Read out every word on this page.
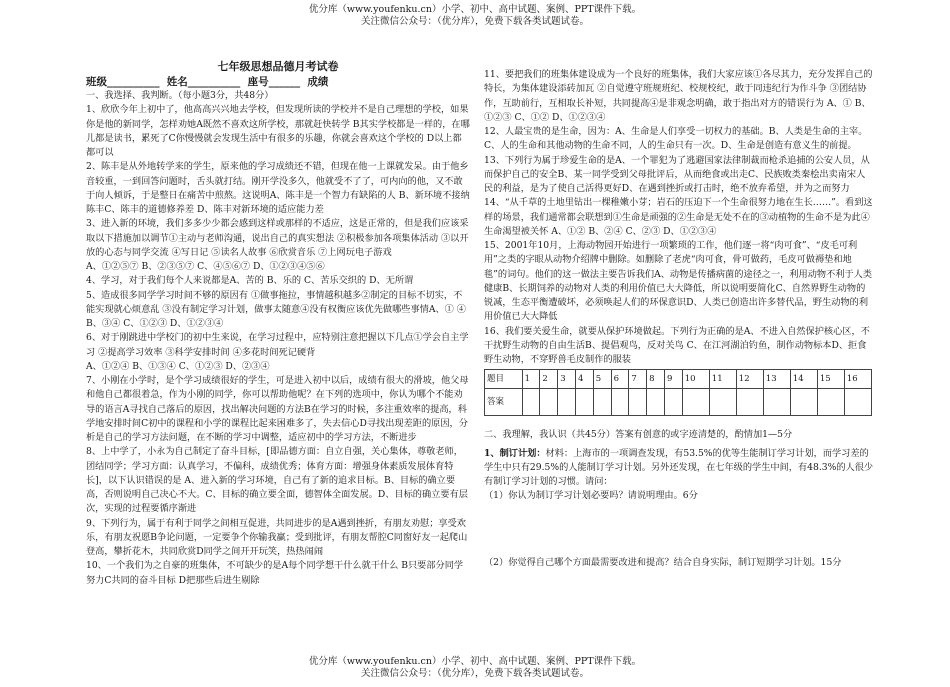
优分库（www.youfenku.cn）小学、初中、高中试题、案例、PPT课件下载。
关注微信公众号：（优分库），免费下载各类试题试卷。

七年级思想品德月考试卷

班级__________  姓名__________  座号______  成绩

一、我选择、我判断。（每小题3分，共48分）

1、欣欣今年上初中了，他高高兴兴地去学校，但发现所读的学校并不是自己理想的学校，如果你是他的新同学，怎样劝她A既然不喜欢这所学校，那就赶快转学 B其实学校都是一样的，在哪儿都是读书，累死了C你慢慢就会发现生活中有很多的乐趣，你就会喜欢这个学校的 D以上都都可以

2、陈丰是从外地转学来的学生，原来他的学习成绩还不错，但现在他一上课就发呆。由于他乡音较重，一到回答问题时，舌头就打结。刚开学没多久，他就受不了了，可内向的他，又不敢于向人倾诉，于是整日在痛苦中煎熬。这说明A、陈丰是一个智力有缺陷的人 B、新环境不接纳陈丰C、陈丰的道德修养差 D、陈丰对新环境的适应能力差

3、进入新的环境，我们多多少少都会感到这样或那样的不适应，这是正常的，但是我们应该采取以下措施加以调节①主动与老师沟通，说出自己的真实想法 ②积极参加各项集体活动 ③以开放的心态与同学交流 ④写日记 ⑤读名人故事 ⑥欣赏音乐 ⑦上网玩电子游戏

A、①②⑤⑦ B、②③⑤⑦ C、④⑤⑥⑦ D、①②③④⑤⑥

4、学习，对于我们每个人来说都是A、苦的 B、乐的 C、苦乐交织的 D、无所谓

5、造成很多同学学习时间不够的原因有 ①做事拖拉，事情越积越多②制定的目标不切实，不能实现就心烦意乱 ③没有制定学习计划，做事太随意④没有权衡应该优先做哪些事情A、① ④ B、③④ C、①②③ D、①②③④

6、对于刚跳进中学校门的初中生来说，在学习过程中，应特别注意把握以下几点①学会自主学习 ②提高学习效率 ③科学安排时间 ④多花时间死记硬背

A、①②④ B、①③④ C、①②③ D、②③④

7、小刚在小学时，是个学习成绩很好的学生，可是进入初中以后，成绩有很大的滑坡，他父母和他自己都很着急，作为小刚的同学，你可以帮助他呢？在下列的选项中，你认为哪个不能劝导的语言A寻找自己落后的原因，找出解决问题的方法B在学习的时候，多注重效率的提高，科学地安排时间C初中的课程和小学的课程比起来困难多了，失去信心D寻找出现差距的原因，分析是自己的学习方法问题，在不断的学习中调整，适应初中的学习方法，不断进步

8、上中学了，小永为自己制定了奋斗目标，[即品德方面：自立自强，关心集体，尊敬老师，团结同学；学习方面：认真学习，不偏科，成绩优秀；体育方面：增强身体素质发展体育特长]，以下认识错误的是 A、进入新的学习环境，自己有了新的追求目标。B、目标的确立要高，否则说明自己决心不大。C、目标的确立要全面，德智体全面发展。D、目标的确立要有层次，实现的过程要循序渐进

9、下列行为，属于有利于同学之间相互促进，共同进步的是A遇到挫折，有朋友劝慰；享受欢乐，有朋友祝愿B争论问题，一定要争个你输我赢；受到批评，有朋友帮腔C同窗好友一起爬山登高，攀折花木，共同欣赏D同学之间开开玩笑，热热闹闹

10、一个我们为之自豪的班集体，不可缺少的是A每个同学想干什么就干什么 B只要部分同学努力C共同的奋斗目标 D把那些后进生剔除

11、要把我们的班集体建设成为一个良好的班集体，我们大家应该①各尽其力，充分发挥自己的特长，为集体建设添砖加瓦 ②自觉遵守班规班纪、校规校纪，敢于同违纪行为作斗争 ③团结协作，互助前行，互相取长补短，共同提高④是非观念明确，敢于指出对方的错误行为 A、① B、①②③ C、①② D、①②③④

12、人最宝贵的是生命，因为：A、生命是人们享受一切权力的基础。B、人类是生命的主宰。C、人的生命和其他动物的生命不同，人的生命只有一次。D、生命是创造有意义生的前提。

13、下列行为属于珍爱生命的是A、一个罪犯为了逃避国家法律制裁而枪杀追捕的公安人员，从而保护自己的安全B、某一同学受到父母批评后，从而绝食或出走C、民族败类秦桧出卖南宋人民的利益，是为了使自己活得更好D、在遇到挫折或打击时，绝不放弃希望，并为之而努力

14、“从千草的土地里钻出一棵稚嫩小芽；岩石的压迫下一个生命很努力地在生长……”。看到这样的场景，我们通常都会联想到①生命是顽强的②生命是无处不在的③动植物的生命不是为此④生命渴望被关怀 A、①② B、②④ C、②③ D、①②③④

15、2001年10月，上海动物园开始进行一项繁琐的工作，他们逐一将“肉可食”、“皮毛可利用”之类的字眼从动物介绍牌中删除。如删除了老虎“肉可食，骨可做药，毛皮可做褥垫和地毯”的词句。他们的这一做法主要告诉我们A、动物是传播病菌的途径之一，利用动物不利于人类健康B、长期饲养的动物对人类的利用价值已大大降低，所以说明要简化C、自然界野生动物的锐减，生态平衡遭破坏，必须唤起人们的环保意识D、人类已创造出许多替代品，野生动物的利用价值已大大降低

16、我们要关爱生命，就要从保护环境做起。下列行为正确的是A、不进入自然保护核心区，不干扰野生动物的自由生活B、提倡观鸟，反对关鸟 C、在江河湖泊钓鱼，制作动物标本D、拒食野生动物，不穿野兽毛皮制作的服装

题目	1	2	3	4	5	6	7	8	9	10	11	12	13	14	15	16
答案																

二、我理解，我认识（共45分）答案有创意的或字迹清楚的，酌情加1—5分

1、制订计划：材料：上海市的一项调查发现，有53.5%的优等生能制订学习计划，而学习差的学生中只有29.5%的人能制订学习计划。另外还发现，在七年级的学生中间，有48.3%的人很少有制订学习计划的习惯。请问：

（1）你认为制订学习计划必要吗？请说明理由。6分

（2）你觉得自己哪个方面最需要改进和提高？结合自身实际，制订短期学习计划。15分

优分库（www.youfenku.cn）小学、初中、高中试题、案例、PPT课件下载。
关注微信公众号：（优分库），免费下载各类试题试卷。
